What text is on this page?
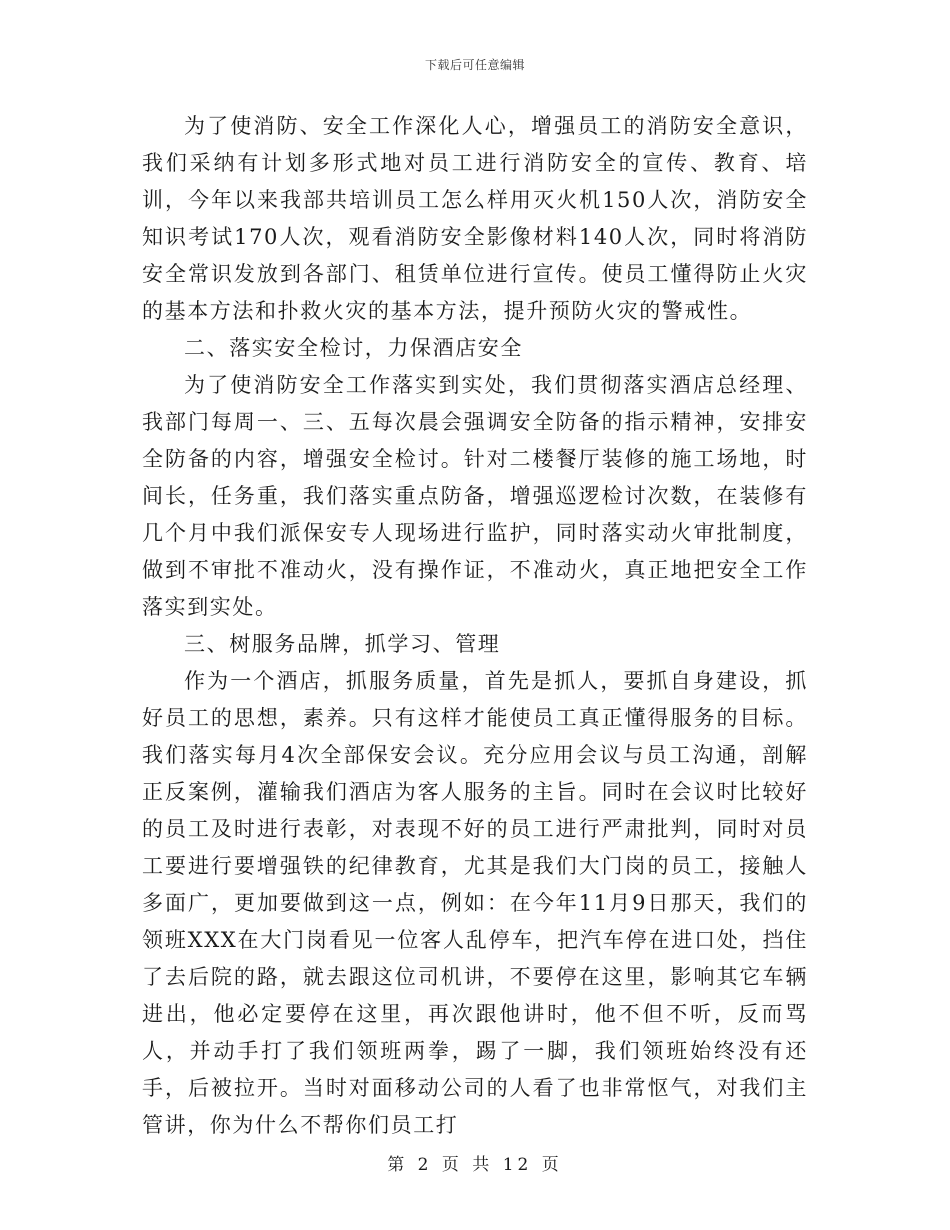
下载后可任意编辑

为了使消防、安全工作深化人心，增强员工的消防安全意识，我们采纳有计划多形式地对员工进行消防安全的宣传、教育、培训，今年以来我部共培训员工怎么样用灭火机150人次，消防安全知识考试170人次，观看消防安全影像材料140人次，同时将消防安全常识发放到各部门、租赁单位进行宣传。使员工懂得防止火灾的基本方法和扑救火灾的基本方法，提升预防火灾的警戒性。

二、落实安全检讨，力保酒店安全

为了使消防安全工作落实到实处，我们贯彻落实酒店总经理、我部门每周一、三、五每次晨会强调安全防备的指示精神，安排安全防备的内容，增强安全检讨。针对二楼餐厅装修的施工场地，时间长，任务重，我们落实重点防备，增强巡逻检讨次数，在装修有几个月中我们派保安专人现场进行监护，同时落实动火审批制度，做到不审批不准动火，没有操作证，不准动火，真正地把安全工作落实到实处。

三、树服务品牌，抓学习、管理

作为一个酒店，抓服务质量，首先是抓人，要抓自身建设，抓好员工的思想，素养。只有这样才能使员工真正懂得服务的目标。我们落实每月4次全部保安会议。充分应用会议与员工沟通，剖解正反案例，灌输我们酒店为客人服务的主旨。同时在会议时比较好的员工及时进行表彰，对表现不好的员工进行严肃批判，同时对员工要进行要增强铁的纪律教育，尤其是我们大门岗的员工，接触人多面广，更加要做到这一点，例如：在今年11月9日那天，我们的领班XXX在大门岗看见一位客人乱停车，把汽车停在进口处，挡住了去后院的路，就去跟这位司机讲，不要停在这里，影响其它车辆进出，他必定要停在这里，再次跟他讲时，他不但不听，反而骂人，并动手打了我们领班两拳，踢了一脚，我们领班始终没有还手，后被拉开。当时对面移动公司的人看了也非常怄气，对我们主管讲，你为什么不帮你们员工打

第 2 页 共 12 页
